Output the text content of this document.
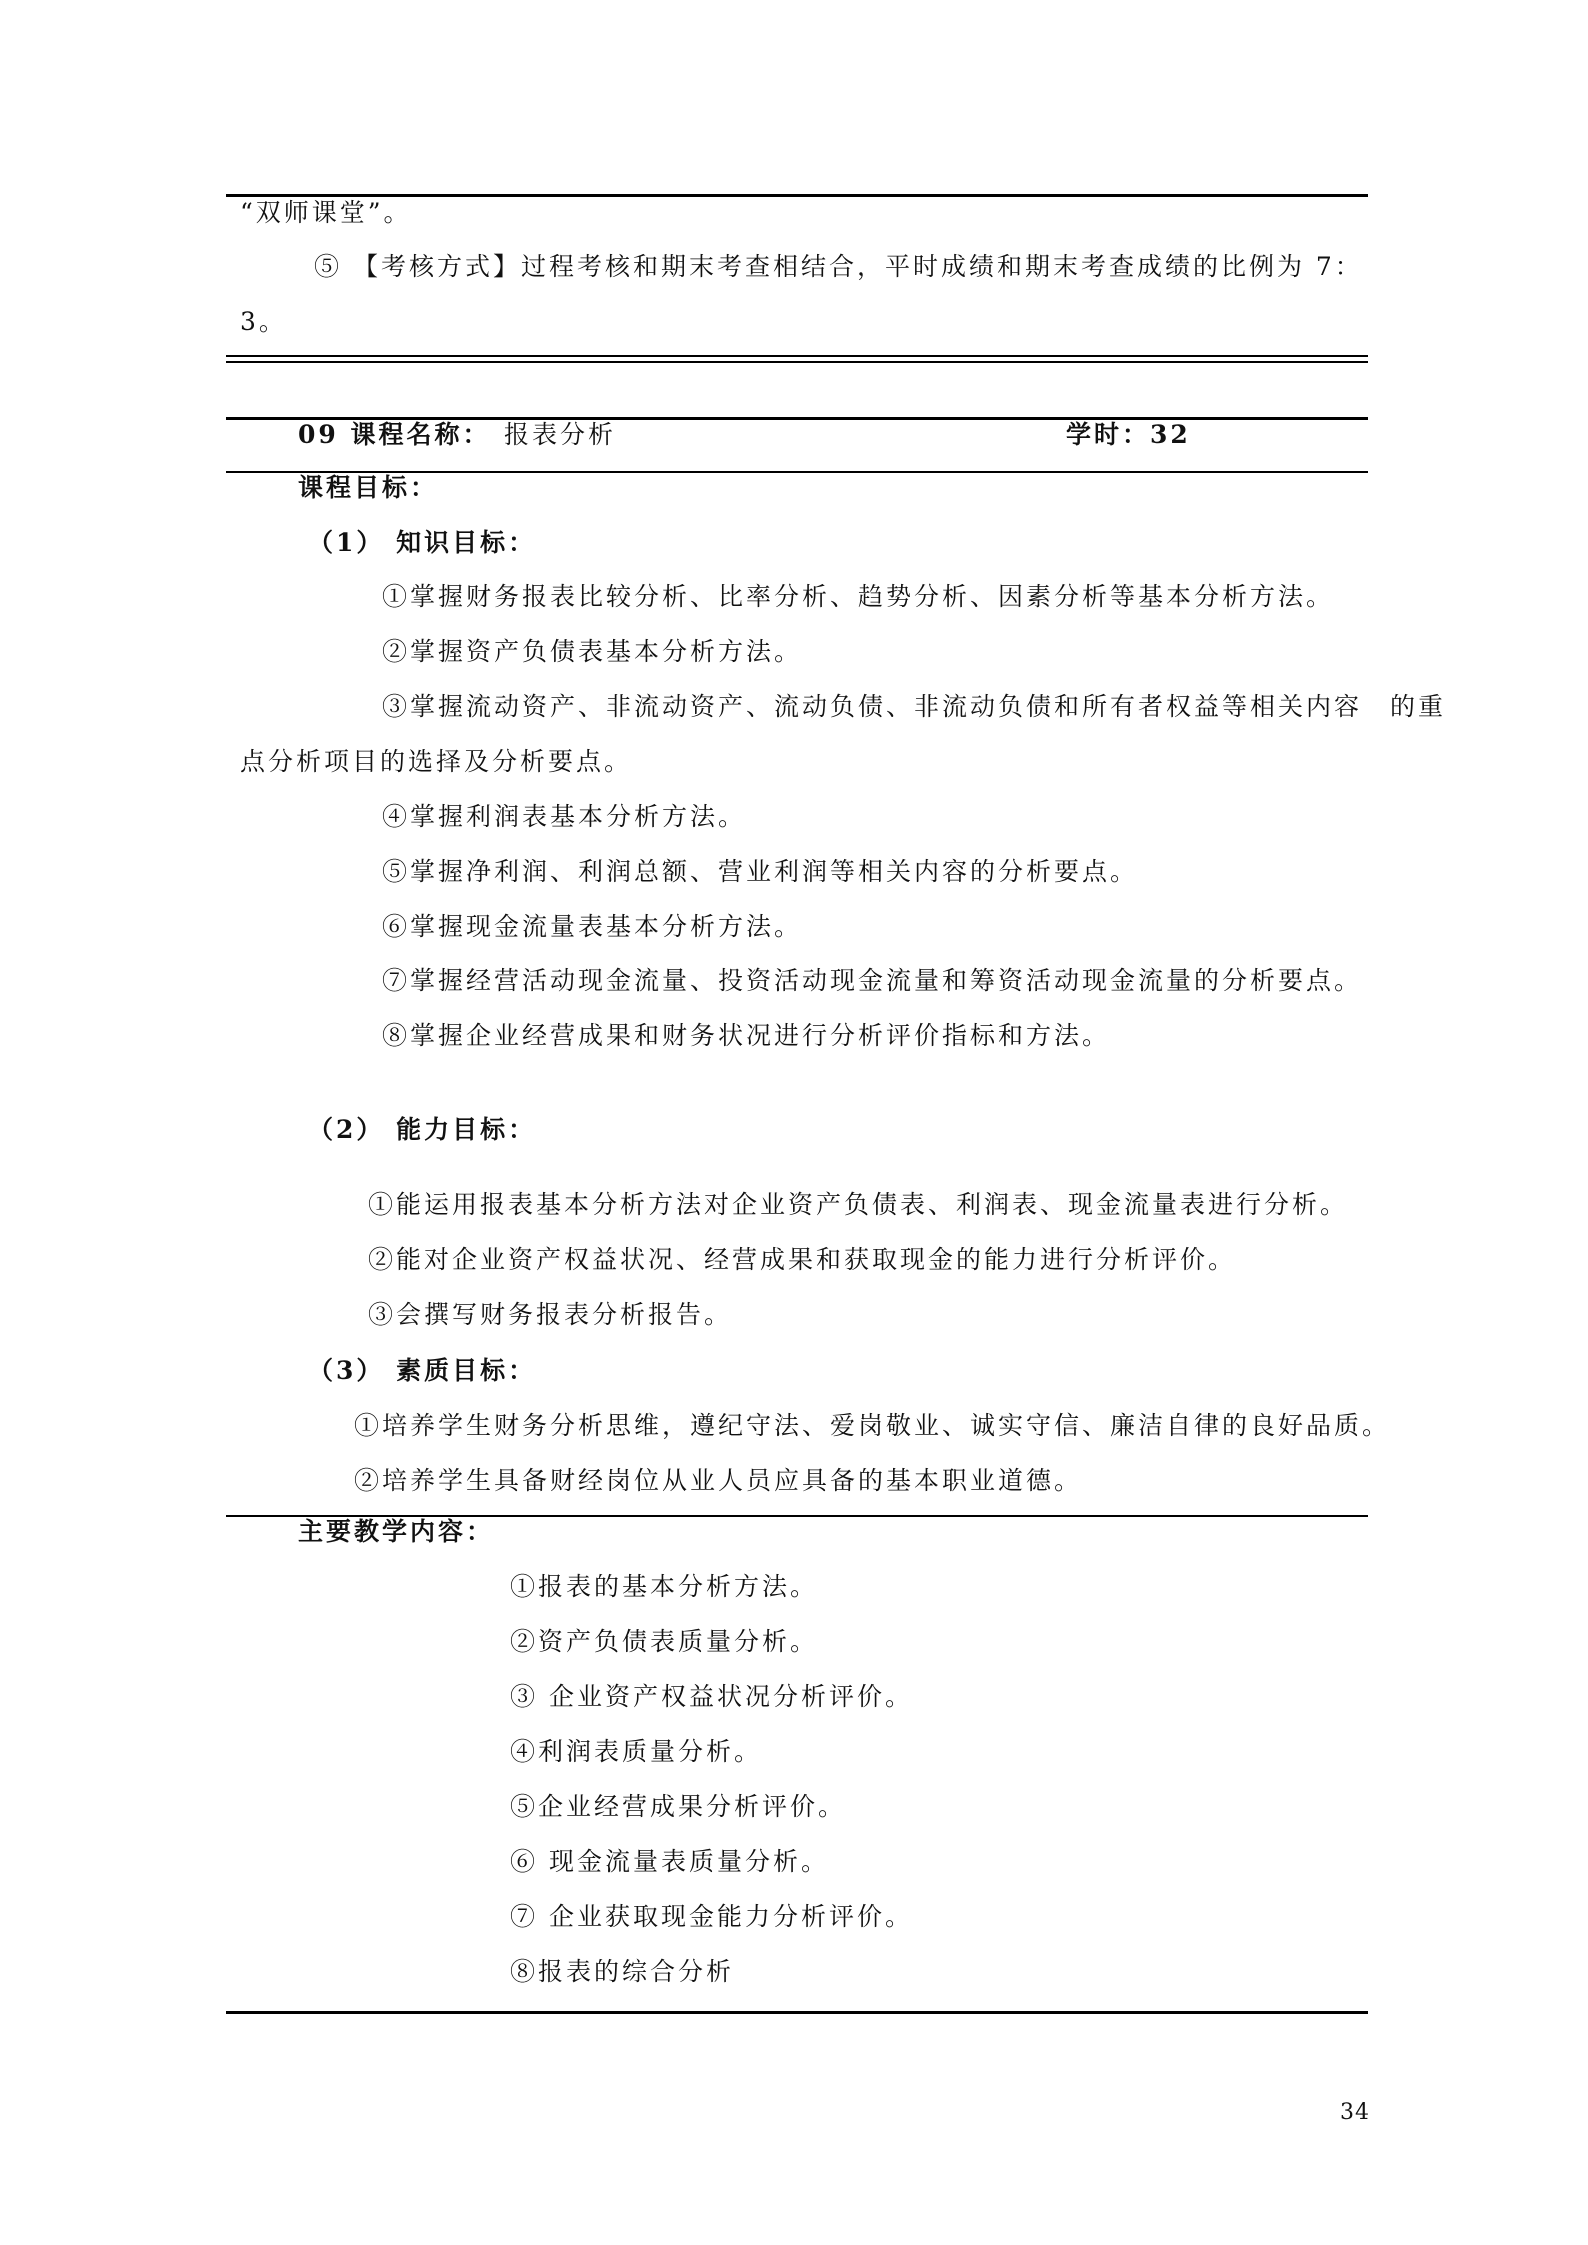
“双师课堂”。
⑤ 【考核方式】过程考核和期末考查相结合，平时成绩和期末考查成绩的比例为 7：
3。
09 课程名称： 报表分析	学时：32
课程目标：
（1） 知识目标：
①掌握财务报表比较分析、比率分析、趋势分析、因素分析等基本分析方法。
②掌握资产负债表基本分析方法。
③掌握流动资产、非流动资产、流动负债、非流动负债和所有者权益等相关内容　的重
点分析项目的选择及分析要点。
④掌握利润表基本分析方法。
⑤掌握净利润、利润总额、营业利润等相关内容的分析要点。
⑥掌握现金流量表基本分析方法。
⑦掌握经营活动现金流量、投资活动现金流量和筹资活动现金流量的分析要点。
⑧掌握企业经营成果和财务状况进行分析评价指标和方法。
（2） 能力目标：
①能运用报表基本分析方法对企业资产负债表、利润表、现金流量表进行分析。
②能对企业资产权益状况、经营成果和获取现金的能力进行分析评价。
③会撰写财务报表分析报告。
（3） 素质目标：
①培养学生财务分析思维，遵纪守法、爱岗敬业、诚实守信、廉洁自律的良好品质。
②培养学生具备财经岗位从业人员应具备的基本职业道德。
主要教学内容：
①报表的基本分析方法。
②资产负债表质量分析。
③ 企业资产权益状况分析评价。
④利润表质量分析。
⑤企业经营成果分析评价。
⑥ 现金流量表质量分析。
⑦ 企业获取现金能力分析评价。
⑧报表的综合分析
34
